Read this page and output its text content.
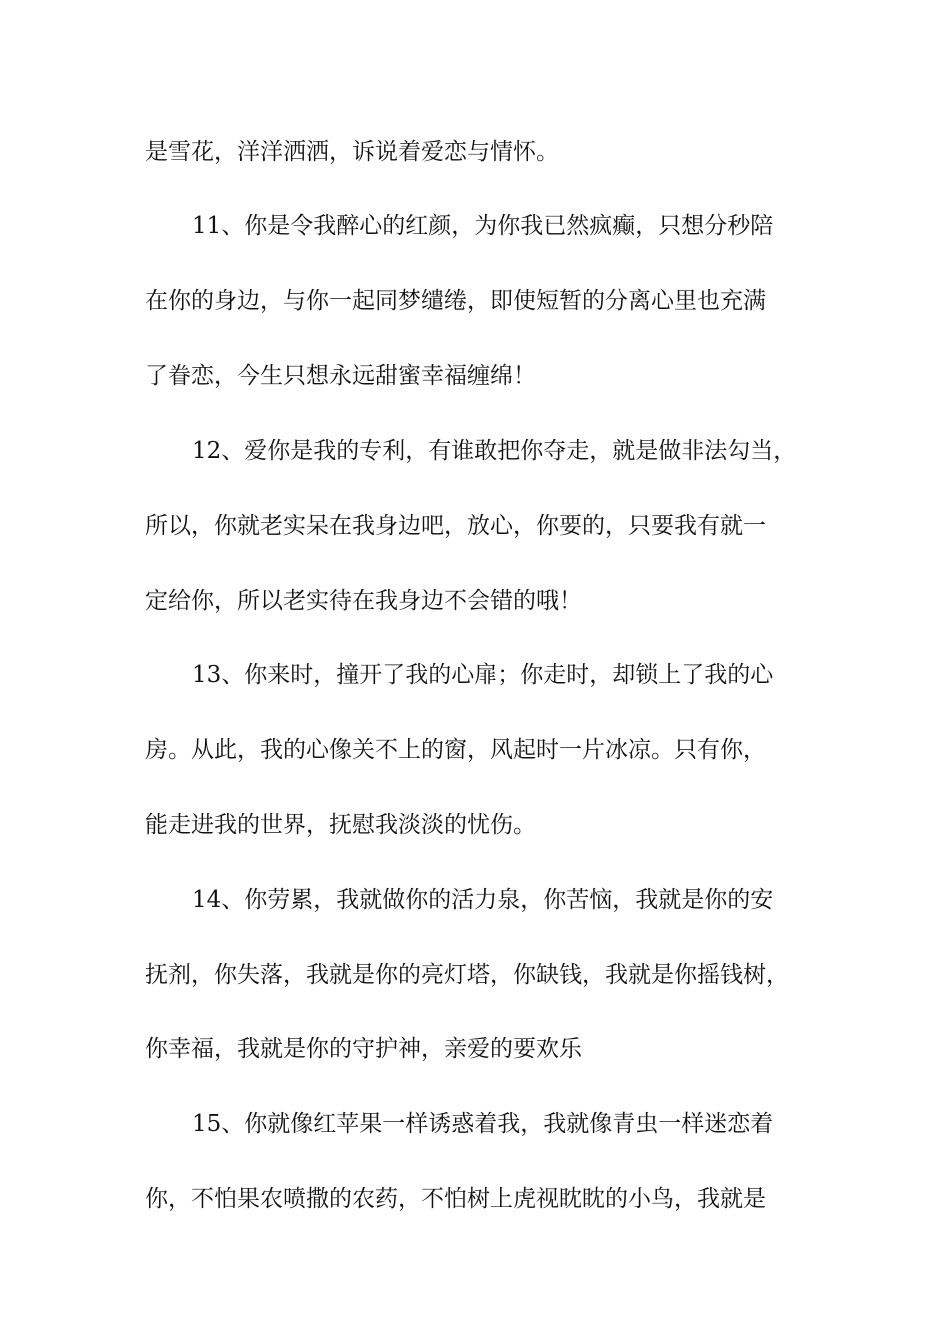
是雪花，洋洋洒洒，诉说着爱恋与情怀。
11、你是令我醉心的红颜，为你我已然疯癫，只想分秒陪
在你的身边，与你一起同梦缱绻，即使短暂的分离心里也充满
了眷恋，今生只想永远甜蜜幸福缠绵！
12、爱你是我的专利，有谁敢把你夺走，就是做非法勾当，
所以，你就老实呆在我身边吧，放心，你要的，只要我有就一
定给你，所以老实待在我身边不会错的哦！
13、你来时，撞开了我的心扉；你走时，却锁上了我的心
房。从此，我的心像关不上的窗，风起时一片冰凉。只有你，
能走进我的世界，抚慰我淡淡的忧伤。
14、你劳累，我就做你的活力泉，你苦恼，我就是你的安
抚剂，你失落，我就是你的亮灯塔，你缺钱，我就是你摇钱树，
你幸福，我就是你的守护神，亲爱的要欢乐
15、你就像红苹果一样诱惑着我，我就像青虫一样迷恋着
你，不怕果农喷撒的农药，不怕树上虎视眈眈的小鸟，我就是
